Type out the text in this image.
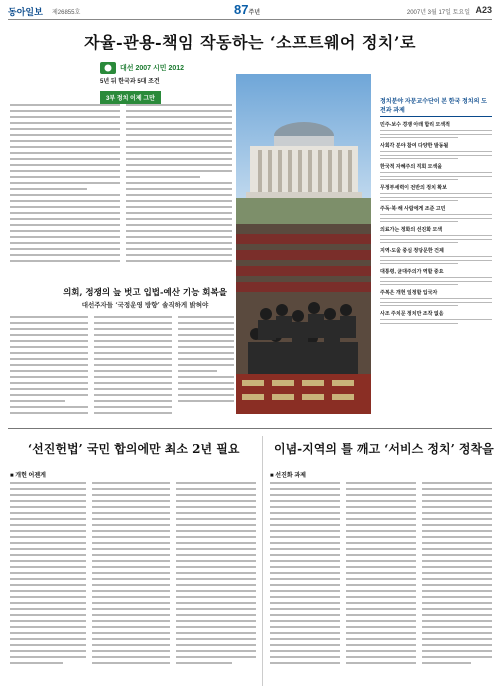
동아일보 제26855호	87주년	2007년 3월 17일 토요일 A23
자율-관용-책임 작동하는 ‘소프트웨어 정치’로
대선 2007 시민 2012
5년 뒤 한국과 5대 조건
3부 정치 이제 그만
의회, 정쟁의 늪 벗고 입법-예산 기능 회복을
대선주자들 ‘국정운영 방향’ 솔직하게 밝혀야
정치분야 자문교수단이 본 한국 정치의 도전과 과제
민주-보수 경쟁 아래 합리 모색적
사회각 분야 참여 다양한 발동될
한국적 자혜주의 직회 모색을
무정부세력이 전반의 정치 확보
주독·북·해 사람에게 조준 고민
의료가는 정화의 선진화 모색
지역-도울 중심 정당문한 건제
대통령, 균대주의가 역할 중요
주복은 개헌 일정할 입국자
사조 주치문 정치만 조작 없음
‘선진헌법’ 국민 합의에만 최소 2년 필요	이념-지역의 틀 깨고 ‘서비스 정치’ 정착을
■ 개헌 어젠게	■ 선진화 과제
